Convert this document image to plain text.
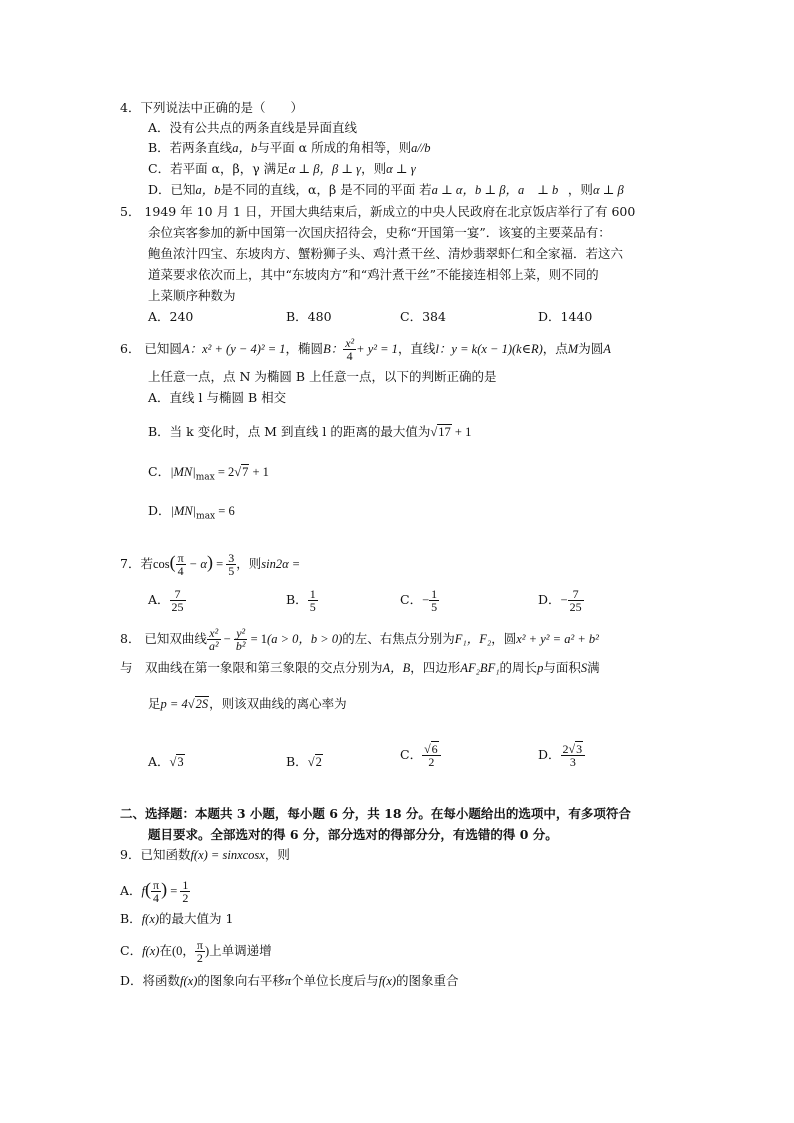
4．下列说法中正确的是（　　）
A．没有公共点的两条直线是异面直线
B．若两条直线a，b与平面 α 所成的角相等，则a//b
C．若平面 α，β，γ 满足α ⊥ β，β ⊥ γ，则α ⊥ γ
D．已知a，b是不同的直线，α，β 是不同的平面 若a ⊥ α，b ⊥ β，a⃗ ⊥ b⃗，则α ⊥ β
5． 1949 年 10 月 1 日，开国大典结束后，新成立的中央人民政府在北京饭店举行了有 600
余位宾客参加的新中国第一次国庆招待会，史称“开国第一宴”．该宴的主要菜品有：
鲍鱼浓汁四宝、东坡肉方、蟹粉狮子头、鸡汁煮干丝、清炒翡翠虾仁和全家福．若这六
道菜要求依次而上，其中“东坡肉方”和“鸡汁煮干丝”不能接连相邻上菜，则不同的
上菜顺序种数为
A．240	B．480	C．384	D．1440
6． 已知圆A：x² + (y − 4)² = 1，椭圆B： $\frac{\text{x²}}{4} + y^2 = 1$，直线l：y = k(x − 1)(k∈R)，点M为圆A
上任意一点，点 N 为椭圆 B 上任意一点，以下的判断正确的是
A．直线 l 与椭圆 B 相交
B．当 k 变化时，点 M 到直线 l 的距离的最大值为√17 + 1
C．$|MN|_{max} = 2√7 + 1$
D．$|MN|_{max} = 6$
7．若$\cos( \frac{\pi}{4} - \alpha) = \frac{3}{5}$ ，则sin2α =
A． $\frac{7}{25}$	B． $\frac{1}{5}$	C．− $\frac{1}{5}$	D．− $\frac{7}{25}$
8． 已知双曲线 $\frac{\text{x²}}{\text{a²}} - \frac{\text{y²}}{\text{b²}} = 1(a > 0$，b > 0)的左、右焦点分别为F₁，F₂，圆x² + y² = a² + b²
与　双曲线在第一象限和第三象限的交点分别为A，B，四边形AF₂BF₁的周长p与面积S满
足p = 4√2S，则该双曲线的离心率为
A．√3	B．√2	C． $\frac{√6}{2}$	D． $\frac{2√3}{3}$
二、选择题：本题共 3 小题，每小题 6 分，共 18 分。在每小题给出的选项中，有多项符合
题目要求。全部选对的得 6 分，部分选对的得部分分，有选错的得 0 分。
9．已知函数f(x) = sinxcosx，则
A．$f( \frac{\pi}{4}$ ) = $\frac{1}{2}$
B．f(x)的最大值为 1
C．f(x)在(0， $\frac{\pi}{2}$ )上单调递增
D．将函数f(x)的图象向右平移π个单位长度后与f(x)的图象重合
